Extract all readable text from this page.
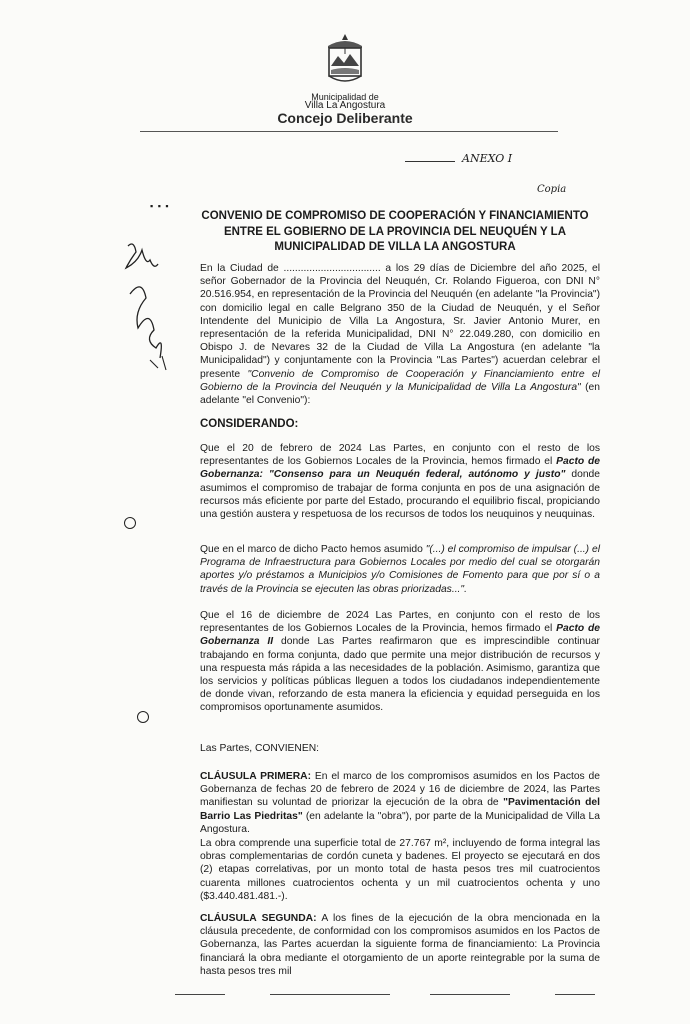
Municipalidad de
Villa La Angostura
Concejo Deliberante
ANEXO I
Copia
▪ ▪ ▪
CONVENIO DE COMPROMISO DE COOPERACIÓN Y FINANCIAMIENTO ENTRE EL GOBIERNO DE LA PROVINCIA DEL NEUQUÉN Y LA MUNICIPALIDAD DE VILLA LA ANGOSTURA
En la Ciudad de .................................. a los 29 días de Diciembre del año 2025, el señor Gobernador de la Provincia del Neuquén, Cr. Rolando Figueroa, con DNI N° 20.516.954, en representación de la Provincia del Neuquén (en adelante "la Provincia") con domicilio legal en calle Belgrano 350 de la Ciudad de Neuquén, y el Señor Intendente del Municipio de Villa La Angostura, Sr. Javier Antonio Murer, en representación de la referida Municipalidad, DNI N° 22.049.280, con domicilio en Obispo J. de Nevares 32 de la Ciudad de Villa La Angostura (en adelante "la Municipalidad") y conjuntamente con la Provincia "Las Partes") acuerdan celebrar el presente "Convenio de Compromiso de Cooperación y Financiamiento entre el Gobierno de la Provincia del Neuquén y la Municipalidad de Villa La Angostura" (en adelante "el Convenio"):
CONSIDERANDO:
Que el 20 de febrero de 2024 Las Partes, en conjunto con el resto de los representantes de los Gobiernos Locales de la Provincia, hemos firmado el Pacto de Gobernanza: "Consenso para un Neuquén federal, autónomo y justo" donde asumimos el compromiso de trabajar de forma conjunta en pos de una asignación de recursos más eficiente por parte del Estado, procurando el equilibrio fiscal, propiciando una gestión austera y respetuosa de los recursos de todos los neuquinos y neuquinas.
Que en el marco de dicho Pacto hemos asumido "(...) el compromiso de impulsar (...) el Programa de Infraestructura para Gobiernos Locales por medio del cual se otorgarán aportes y/o préstamos a Municipios y/o Comisiones de Fomento para que por sí o a través de la Provincia se ejecuten las obras priorizadas...".
Que el 16 de diciembre de 2024 Las Partes, en conjunto con el resto de los representantes de los Gobiernos Locales de la Provincia, hemos firmado el Pacto de Gobernanza II donde Las Partes reafirmaron que es imprescindible continuar trabajando en forma conjunta, dado que permite una mejor distribución de recursos y una respuesta más rápida a las necesidades de la población. Asimismo, garantiza que los servicios y políticas públicas lleguen a todos los ciudadanos independientemente de donde vivan, reforzando de esta manera la eficiencia y equidad perseguida en los compromisos oportunamente asumidos.
Las Partes, CONVIENEN:
CLÁUSULA PRIMERA: En el marco de los compromisos asumidos en los Pactos de Gobernanza de fechas 20 de febrero de 2024 y 16 de diciembre de 2024, las Partes manifiestan su voluntad de priorizar la ejecución de la obra de "Pavimentación del Barrio Las Piedritas" (en adelante la "obra"), por parte de la Municipalidad de Villa La Angostura.
La obra comprende una superficie total de 27.767 m², incluyendo de forma integral las obras complementarias de cordón cuneta y badenes. El proyecto se ejecutará en dos (2) etapas correlativas, por un monto total de hasta pesos tres mil cuatrocientos cuarenta millones cuatrocientos ochenta y un mil cuatrocientos ochenta y uno ($3.440.481.481.-).
CLÁUSULA SEGUNDA: A los fines de la ejecución de la obra mencionada en la cláusula precedente, de conformidad con los compromisos asumidos en los Pactos de Gobernanza, las Partes acuerdan la siguiente forma de financiamiento: La Provincia financiará la obra mediante el otorgamiento de un aporte reintegrable por la suma de hasta pesos tres mil
